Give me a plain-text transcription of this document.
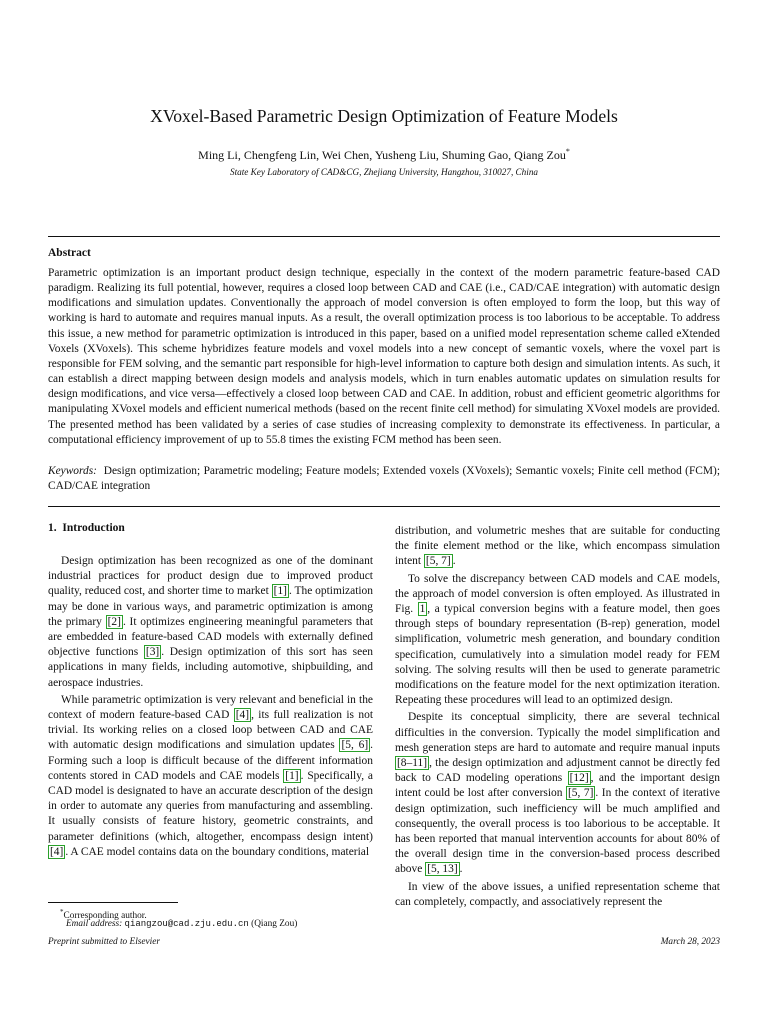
XVoxel-Based Parametric Design Optimization of Feature Models
Ming Li, Chengfeng Lin, Wei Chen, Yusheng Liu, Shuming Gao, Qiang Zou*
State Key Laboratory of CAD&CG, Zhejiang University, Hangzhou, 310027, China
Abstract
Parametric optimization is an important product design technique, especially in the context of the modern parametric feature-based CAD paradigm. Realizing its full potential, however, requires a closed loop between CAD and CAE (i.e., CAD/CAE integration) with automatic design modifications and simulation updates. Conventionally the approach of model conversion is often employed to form the loop, but this way of working is hard to automate and requires manual inputs. As a result, the overall optimization process is too laborious to be acceptable. To address this issue, a new method for parametric optimization is introduced in this paper, based on a unified model representation scheme called eXtended Voxels (XVoxels). This scheme hybridizes feature models and voxel models into a new concept of semantic voxels, where the voxel part is responsible for FEM solving, and the semantic part responsible for high-level information to capture both design and simulation intents. As such, it can establish a direct mapping between design models and analysis models, which in turn enables automatic updates on simulation results for design modifications, and vice versa—effectively a closed loop between CAD and CAE. In addition, robust and efficient geometric algorithms for manipulating XVoxel models and efficient numerical methods (based on the recent finite cell method) for simulating XVoxel models are provided. The presented method has been validated by a series of case studies of increasing complexity to demonstrate its effectiveness. In particular, a computational efficiency improvement of up to 55.8 times the existing FCM method has been seen.
Keywords: Design optimization; Parametric modeling; Feature models; Extended voxels (XVoxels); Semantic voxels; Finite cell method (FCM); CAD/CAE integration
1. Introduction

Design optimization has been recognized as one of the dominant industrial practices for product design due to improved product quality, reduced cost, and shorter time to market [1] . The optimization may be done in various ways, and parametric optimization is among the primary [2] . It optimizes engineering meaningful parameters that are embedded in feature-based CAD models with externally defined objective functions [3] . Design optimization of this sort has seen applications in many fields, including automotive, shipbuilding, and aerospace industries.

While parametric optimization is very relevant and beneficial in the context of modern feature-based CAD [4] , its full realization is not trivial. Its working relies on a closed loop between CAD and CAE with automatic design modifications and simulation updates [5, 6] . Forming such a loop is difficult because of the different information contents stored in CAD models and CAE models [1] . Specifically, a CAD model is designated to have an accurate description of the design in order to automate any queries from manufacturing and assembling. It usually consists of feature history, geometric constraints, and parameter definitions (which, altogether, encompass design intent) [4] . A CAE model contains data on the boundary conditions, material

distribution, and volumetric meshes that are suitable for conducting the finite element method or the like, which encompass simulation intent [5, 7] .

To solve the discrepancy between CAD models and CAE models, the approach of model conversion is often employed. As illustrated in Fig. 1 , a typical conversion begins with a feature model, then goes through steps of boundary representation (B-rep) generation, model simplification, volumetric mesh generation, and boundary condition specification, cumulatively into a simulation model ready for FEM solving. The solving results will then be used to generate parametric modifications on the feature model for the next optimization iteration. Repeating these procedures will lead to an optimized design.

Despite its conceptual simplicity, there are several technical difficulties in the conversion. Typically the model simplification and mesh generation steps are hard to automate and require manual inputs [8–11] , the design optimization and adjustment cannot be directly fed back to CAD modeling operations [12] , and the important design intent could be lost after conversion [5, 7] . In the context of iterative design optimization, such inefficiency will be much amplified and consequently, the overall process is too laborious to be acceptable. It has been reported that manual intervention accounts for about 80% of the overall design time in the conversion-based process described above [5, 13] .

In view of the above issues, a unified representation scheme that can completely, compactly, and associatively represent the

*Corresponding author.
Email address: qiangzou@cad.zju.edu.cn (Qiang Zou)
Preprint submitted to Elsevier	March 28, 2023
